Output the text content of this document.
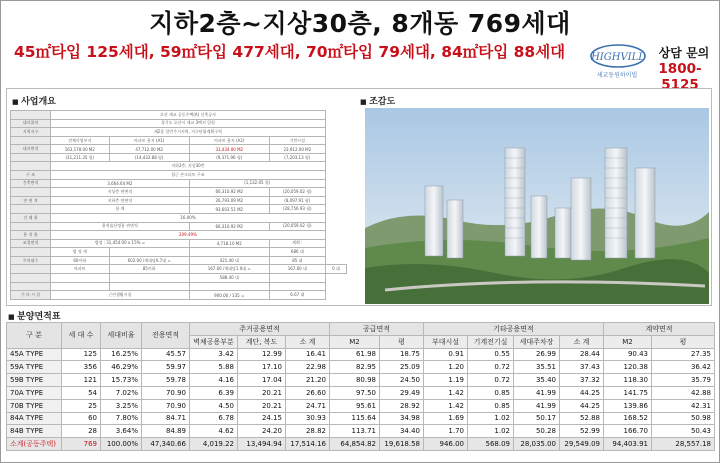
지하2층~지상30층, 8개동 769세대
45㎡타입 125세대, 59㎡타입 477세대, 70㎡타입 79세대, 84㎡타입 88세대	HIGHVILL
세교동원하이빌
상담 문의
1800-5125
■ 사업개요	■ 조감도
	오산 세교 공동주택(A) 신축공사				
대지위치	경기도 오산시 세교 3택지 일원				
지역지구	제2종 일반주거지역, 지구단위계획구역				
	전체사업부지	아파트 용지 (A1)	아파트 용지 (A2)	기반시설	
대지면적	163,178.00 M2	47,712.00 M2	31,434.00 M2	23,912.00 M2	
	(31,211.35 평)	(14,432.88 평)	(9,371.96 평)	(7,203.13 평)	
	지하2층, 지상30층				
구 조	철근 콘크리트 구조				
건축면적	3,664.64 M2		(1,132.05 평)		
	지상층 연면적		66,310.92 M2	(20,059.02 평)	
연 면 적	지하층 연면적		26,793.09 M2	(8,097.91 평)	
	합 계		93,603.51 M2	(28,756.93 평)	
건 폐 율	16.00%				
	용적률산정용 연면적		66,310.92 M2	(20,059.02 평)	
용 적 율	209.49%				
조경면적	법정 : 31,454.00 x 15% =		4,718.10 M2	계획 :	
	법 정 계			686 대	
주차대수	60이하	602.00 /세대당0.7대 =	421.40 대	85 대	
	아파트	85이하	167.00 /세대당1.0대 =	167.00 대	0 대
			588.40 대		

기 타 시 설	근린생활시설		900.00 / 135 =	6.67 대	
■ 분양면적표
구 분	세 대 수	세대비율	전용면적	주거공용면적			공급면적		기타공용면적				계약면적	
				벽체공용부분	계단, 복도	소 계	M2	평	부대시설	기계전기실	세대주차장	소 계	M2	평
45A TYPE	125	16.25%	45.57	3.42	12.99	16.41	61.98	18.75	0.91	0.55	26.99	28.44	90.43	27.35
59A TYPE	356	46.29%	59.97	5.88	17.10	22.98	82.95	25.09	1.20	0.72	35.51	37.43	120.38	36.42
59B TYPE	121	15.73%	59.78	4.16	17.04	21.20	80.98	24.50	1.19	0.72	35.40	37.32	118.30	35.79
70A TYPE	54	7.02%	70.90	6.39	20.21	26.60	97.50	29.49	1.42	0.85	41.99	44.25	141.75	42.88
70B TYPE	25	3.25%	70.90	4.50	20.21	24.71	95.61	28.92	1.42	0.85	41.99	44.25	139.86	42.31
84A TYPE	60	7.80%	84.71	6.78	24.15	30.93	115.64	34.98	1.69	1.02	50.17	52.88	168.52	50.98
84B TYPE	28	3.64%	84.89	4.62	24.20	28.82	113.71	34.40	1.70	1.02	50.28	52.99	166.70	50.43
소계(공동주택)	769	100.00%	47,340.66	4,019.22	13,494.94	17,514.16	64,854.82	19,618.58	946.00	568.09	28,035.00	29,549.09	94,403.91	28,557.18
